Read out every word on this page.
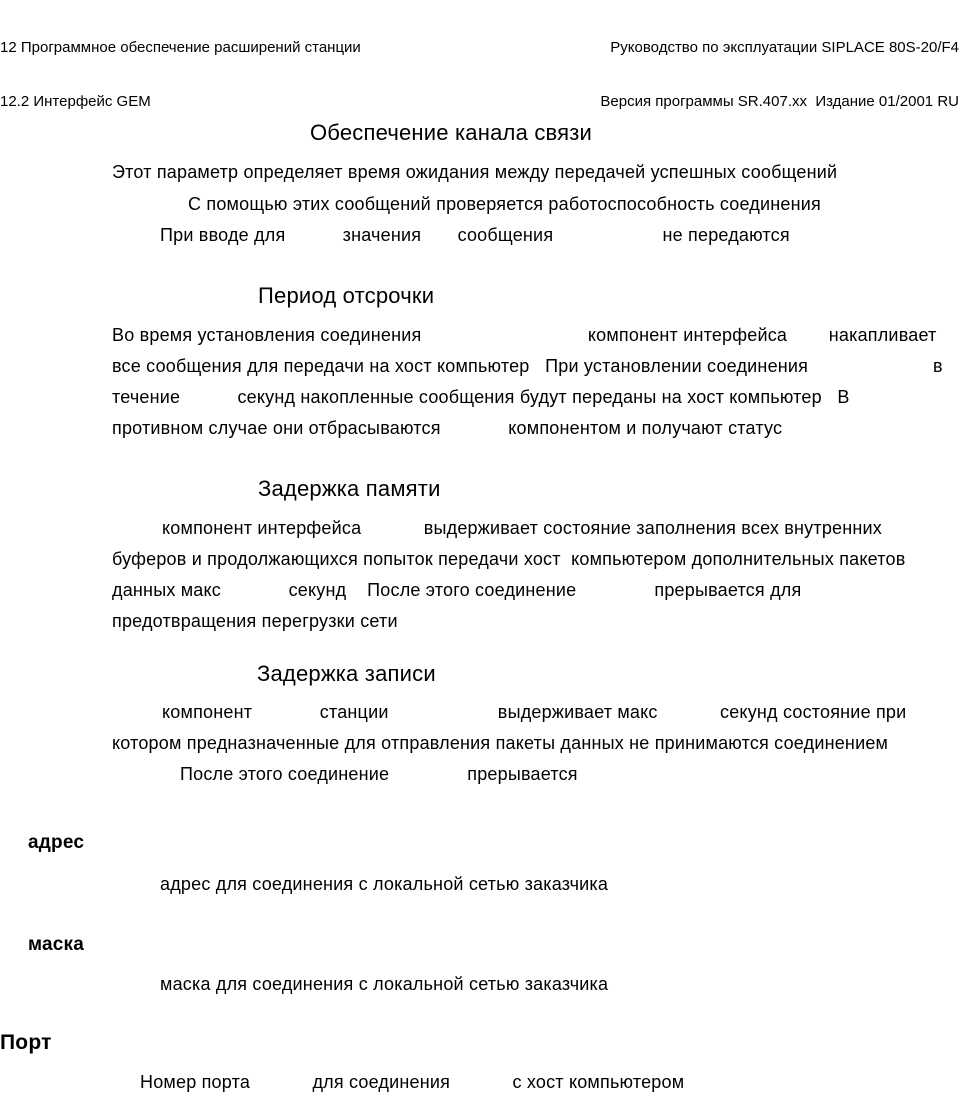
12 Программное обеспечение расширений станции

12.2 Интерфейс GEM

Руководство по эксплуатации SIPLACE 80S-20/F4

Версия программы SR.407.xx  Издание 01/2001 RU

Обеспечение канала связи
Этот параметр определяет время ожидания между передачей успешных сообщений
С помощью этих сообщений проверяется работоспособность соединения
При вводе для           значения       сообщения                     не передаются
Период отсрочки
Во время установления соединения                                компонент интерфейса        накапливает
все сообщения для передачи на хост компьютер   При установлении соединения                        в
течение           секунд накопленные сообщения будут переданы на хост компьютер   В
противном случае они отбрасываются             компонентом и получают статус
Задержка памяти
компонент интерфейса            выдерживает состояние заполнения всех внутренних
буферов и продолжающихся попыток передачи хост  компьютером дополнительных пакетов
данных макс             секунд    После этого соединение               прерывается для
предотвращения перегрузки сети
Задержка записи
компонент             станции                     выдерживает макс            секунд состояние при
котором предназначенные для отправления пакеты данных не принимаются соединением
После этого соединение               прерывается
адрес
адрес для соединения с локальной сетью заказчика
маска
маска для соединения с локальной сетью заказчика
Порт
Номер порта            для соединения            с хост компьютером
